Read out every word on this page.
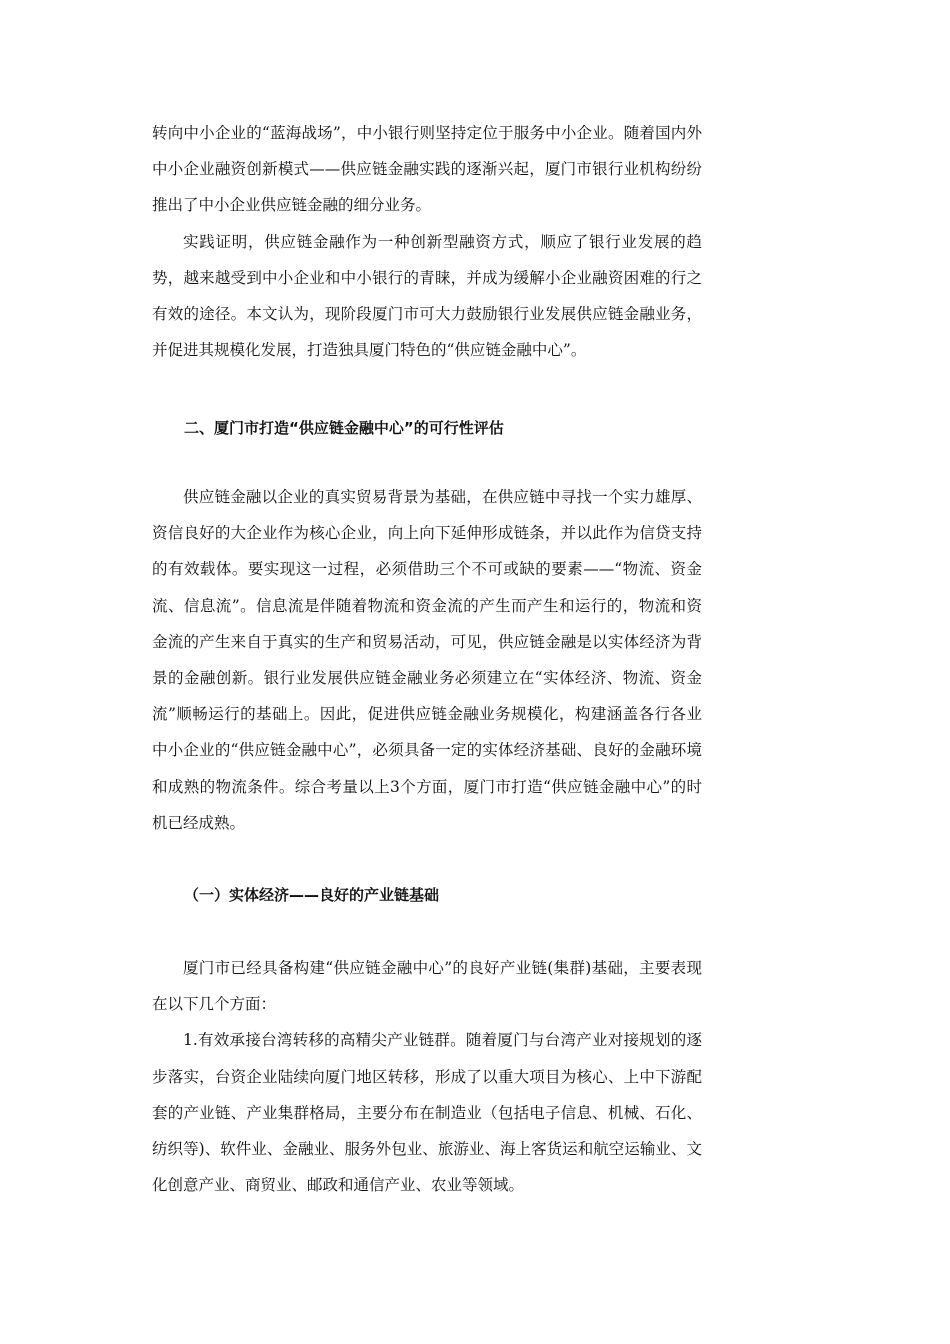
转向中小企业的“蓝海战场”，中小银行则坚持定位于服务中小企业。随着国内外中小企业融资创新模式——供应链金融实践的逐渐兴起，厦门市银行业机构纷纷推出了中小企业供应链金融的细分业务。

实践证明，供应链金融作为一种创新型融资方式，顺应了银行业发展的趋势，越来越受到中小企业和中小银行的青睐，并成为缓解小企业融资困难的行之有效的途径。本文认为，现阶段厦门市可大力鼓励银行业发展供应链金融业务，并促进其规模化发展，打造独具厦门特色的“供应链金融中心”。

二、厦门市打造“供应链金融中心”的可行性评估

供应链金融以企业的真实贸易背景为基础，在供应链中寻找一个实力雄厚、资信良好的大企业作为核心企业，向上向下延伸形成链条，并以此作为信贷支持的有效载体。要实现这一过程，必须借助三个不可或缺的要素——“物流、资金流、信息流”。信息流是伴随着物流和资金流的产生而产生和运行的，物流和资金流的产生来自于真实的生产和贸易活动，可见，供应链金融是以实体经济为背景的金融创新。银行业发展供应链金融业务必须建立在“实体经济、物流、资金流”顺畅运行的基础上。因此，促进供应链金融业务规模化，构建涵盖各行各业中小企业的“供应链金融中心”，必须具备一定的实体经济基础、良好的金融环境和成熟的物流条件。综合考量以上3个方面，厦门市打造“供应链金融中心”的时机已经成熟。

（一）实体经济——良好的产业链基础

厦门市已经具备构建“供应链金融中心”的良好产业链(集群)基础，主要表现在以下几个方面：

1.有效承接台湾转移的高精尖产业链群。随着厦门与台湾产业对接规划的逐步落实，台资企业陆续向厦门地区转移，形成了以重大项目为核心、上中下游配套的产业链、产业集群格局，主要分布在制造业（包括电子信息、机械、石化、纺织等)、软件业、金融业、服务外包业、旅游业、海上客货运和航空运输业、文化创意产业、商贸业、邮政和通信产业、农业等领域。
